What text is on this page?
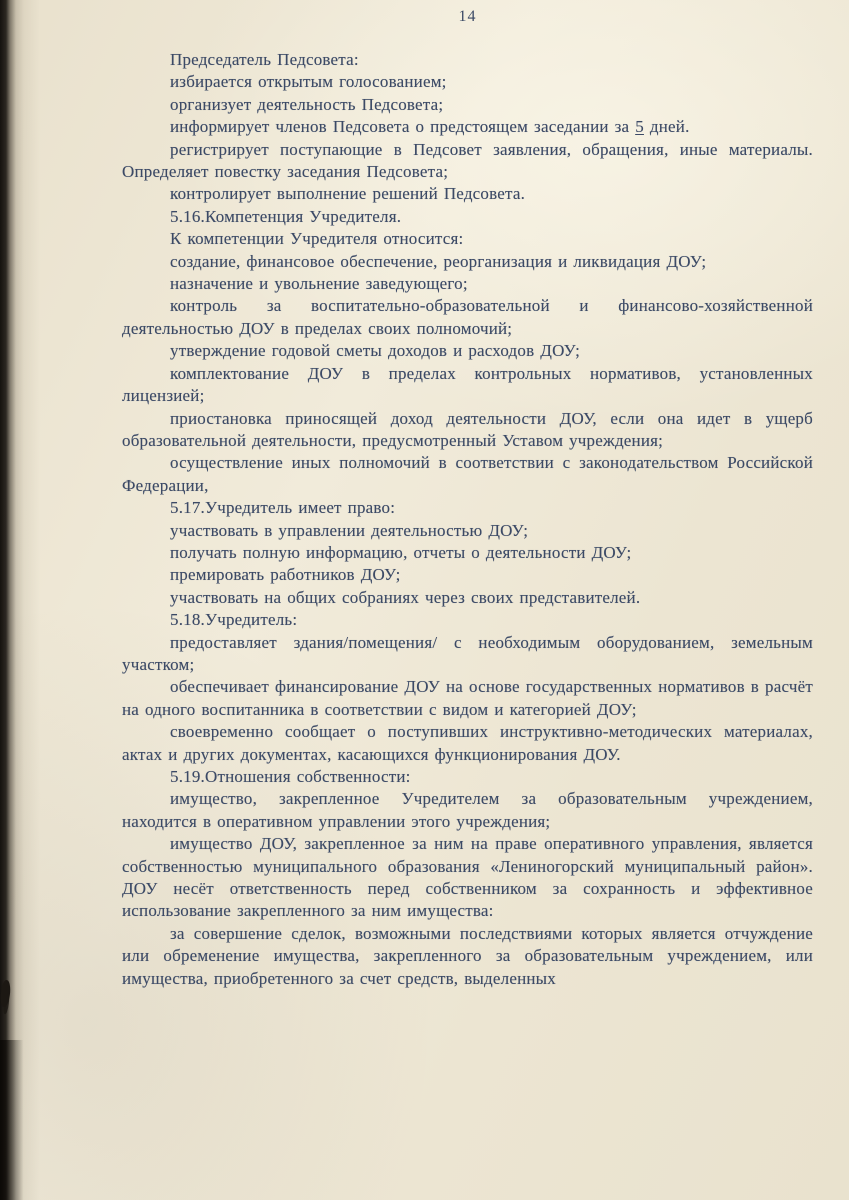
14

Председатель Педсовета:

избирается открытым голосованием;

организует деятельность Педсовета;

информирует членов Педсовета о предстоящем заседании за 5 дней.

регистрирует поступающие в Педсовет заявления, обращения, иные материалы. Определяет повестку заседания Педсовета;

контролирует выполнение решений Педсовета.

5.16.Компетенция Учредителя.

К компетенции Учредителя относится:

создание, финансовое обеспечение, реорганизация и ликвидация ДОУ;

назначение и увольнение заведующего;

контроль за воспитательно-образовательной и финансово-хозяйственной деятельностью ДОУ в пределах своих полномочий;

утверждение годовой сметы доходов и расходов ДОУ;

комплектование ДОУ в пределах контрольных нормативов, установленных лицензией;

приостановка приносящей доход деятельности ДОУ, если она идет в ущерб образовательной деятельности, предусмотренный Уставом учреждения;

осуществление иных полномочий в соответствии с законодательством Российской Федерации,

5.17.Учредитель имеет право:

участвовать в управлении деятельностью ДОУ;

получать полную информацию, отчеты о деятельности ДОУ;

премировать работников ДОУ;

участвовать на общих собраниях через своих представителей.

5.18.Учредитель:

предоставляет здания/помещения/ с необходимым оборудованием, земельным участком;

обеспечивает финансирование ДОУ на основе государственных нормативов в расчёт на одного воспитанника в соответствии с видом и категорией ДОУ;

своевременно сообщает о поступивших инструктивно-методических материалах, актах и других документах, касающихся функционирования ДОУ.

5.19.Отношения собственности:

имущество, закрепленное Учредителем за образовательным учреждением, находится в оперативном управлении этого учреждения;

имущество ДОУ, закрепленное за ним на праве оперативного управления, является собственностью муниципального образования «Лениногорский муниципальный район». ДОУ несёт ответственность перед собственником за сохранность и эффективное использование закрепленного за ним имущества:

за совершение сделок, возможными последствиями которых является отчуждение или обременение имущества, закрепленного за образовательным учреждением, или имущества, приобретенного за счет средств, выделенных
